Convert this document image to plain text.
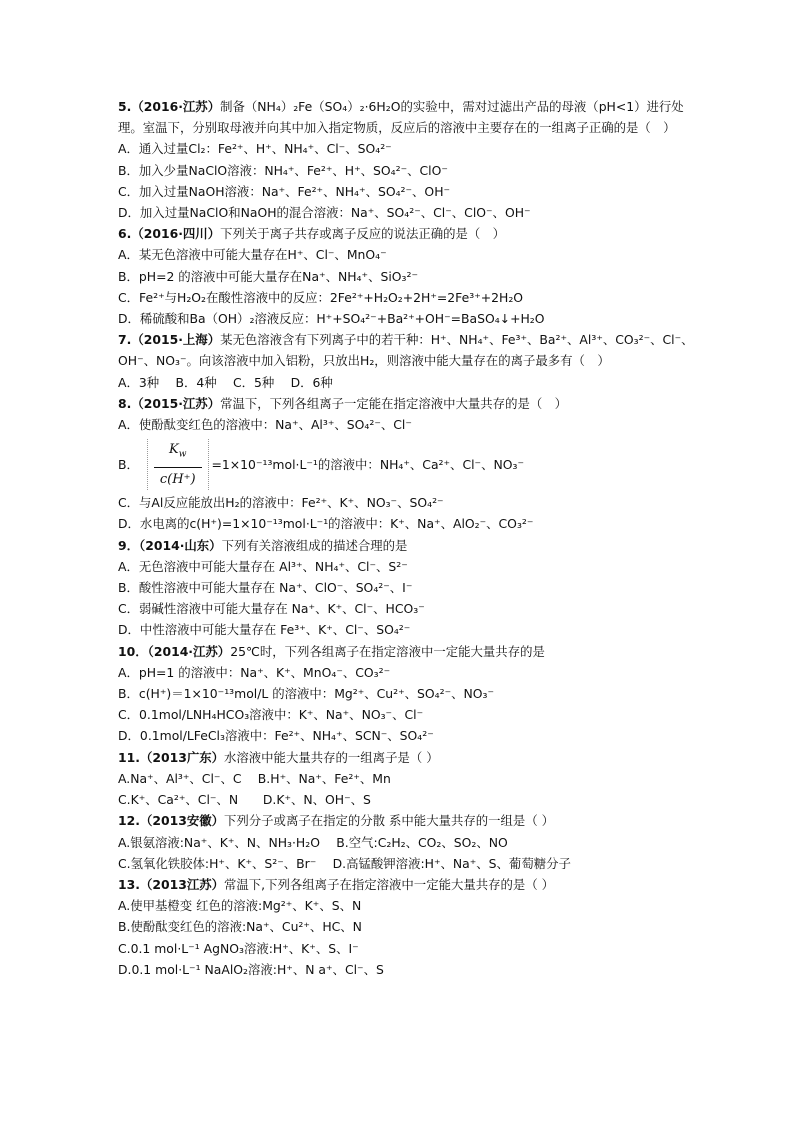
5.（2016·江苏）制备（NH₄）₂Fe（SO₄）₂·6H₂O的实验中，需对过滤出产品的母液（pH<1）进行处理。室温下，分别取母液并向其中加入指定物质，反应后的溶液中主要存在的一组离子正确的是（　）
A．通入过量Cl₂：Fe²⁺、H⁺、NH₄⁺、Cl⁻、SO₄²⁻
B．加入少量NaClO溶液：NH₄⁺、Fe²⁺、H⁺、SO₄²⁻、ClO⁻
C．加入过量NaOH溶液：Na⁺、Fe²⁺、NH₄⁺、SO₄²⁻、OH⁻
D．加入过量NaClO和NaOH的混合溶液：Na⁺、SO₄²⁻、Cl⁻、ClO⁻、OH⁻
6.（2016·四川）下列关于离子共存或离子反应的说法正确的是（　）
A．某无色溶液中可能大量存在H⁺、Cl⁻、MnO₄⁻
B．pH=2 的溶液中可能大量存在Na⁺、NH₄⁺、SiO₃²⁻
C．Fe²⁺与H₂O₂在酸性溶液中的反应：2Fe²⁺+H₂O₂+2H⁺=2Fe³⁺+2H₂O
D．稀硫酸和Ba（OH）₂溶液反应：H⁺+SO₄²⁻+Ba²⁺+OH⁻=BaSO₄↓+H₂O
7.（2015·上海）某无色溶液含有下列离子中的若干种：H⁺、NH₄⁺、Fe³⁺、Ba²⁺、Al³⁺、CO₃²⁻、Cl⁻、OH⁻、NO₃⁻。向该溶液中加入铝粉，只放出H₂，则溶液中能大量存在的离子最多有（　）
A．3种　 B．4种　 C．5种　 D．6种
8.（2015·江苏）常温下，下列各组离子一定能在指定溶液中大量共存的是（　）
A．使酚酞变红色的溶液中：Na⁺、Al³⁺、SO₄²⁻、Cl⁻
B． $\frac{K_w}{c(H^+)} =1\times 10^{-13}mol\cdot L^{-1}$的溶液中：NH₄⁺、Ca²⁺、Cl⁻、NO₃⁻
C．与Al反应能放出H₂的溶液中：Fe²⁺、K⁺、NO₃⁻、SO₄²⁻
D．水电离的c(H⁺)=1×10⁻¹³mol·L⁻¹的溶液中：K⁺、Na⁺、AlO₂⁻、CO₃²⁻
9．（2014·山东）下列有关溶液组成的描述合理的是
A．无色溶液中可能大量存在 Al³⁺、NH₄⁺、Cl⁻、S²⁻
B．酸性溶液中可能大量存在 Na⁺、ClO⁻、SO₄²⁻、I⁻
C．弱碱性溶液中可能大量存在 Na⁺、K⁺、Cl⁻、HCO₃⁻
D．中性溶液中可能大量存在 Fe³⁺、K⁺、Cl⁻、SO₄²⁻
10．（2014·江苏）25℃时，下列各组离子在指定溶液中一定能大量共存的是
A．pH=1 的溶液中：Na⁺、K⁺、MnO₄⁻、CO₃²⁻
B．c(H⁺)＝1×10⁻¹³mol/L 的溶液中：Mg²⁺、Cu²⁺、SO₄²⁻、NO₃⁻
C．0.1mol/LNH₄HCO₃溶液中：K⁺、Na⁺、NO₃⁻、Cl⁻
D．0.1mol/LFeCl₃溶液中：Fe²⁺、NH₄⁺、SCN⁻、SO₄²⁻
11.（2013广东）水溶液中能大量共存的一组离子是（ ）
A.Na⁺、Al³⁺、Cl⁻、C　 B.H⁺、Na⁺、Fe²⁺、Mn
C.K⁺、Ca²⁺、Cl⁻、N　　D.K⁺、N、OH⁻、S
12.（2013安徽）下列分子或离子在指定的分散 系中能大量共存的一组是（ ）
A.银氨溶液:Na⁺、K⁺、N、NH₃·H₂O　 B.空气:C₂H₂、CO₂、SO₂、NO
C.氢氧化铁胶体:H⁺、K⁺、S²⁻、Br⁻　 D.高锰酸钾溶液:H⁺、Na⁺、S、葡萄糖分子
13.（2013江苏）常温下,下列各组离子在指定溶液中一定能大量共存的是（ ）
A.使甲基橙变 红色的溶液:Mg²⁺、K⁺、S、N
B.使酚酞变红色的溶液:Na⁺、Cu²⁺、HC、N
C.0.1 mol·L⁻¹ AgNO₃溶液:H⁺、K⁺、S、I⁻
D.0.1 mol·L⁻¹ NaAlO₂溶液:H⁺、N a⁺、Cl⁻、S
